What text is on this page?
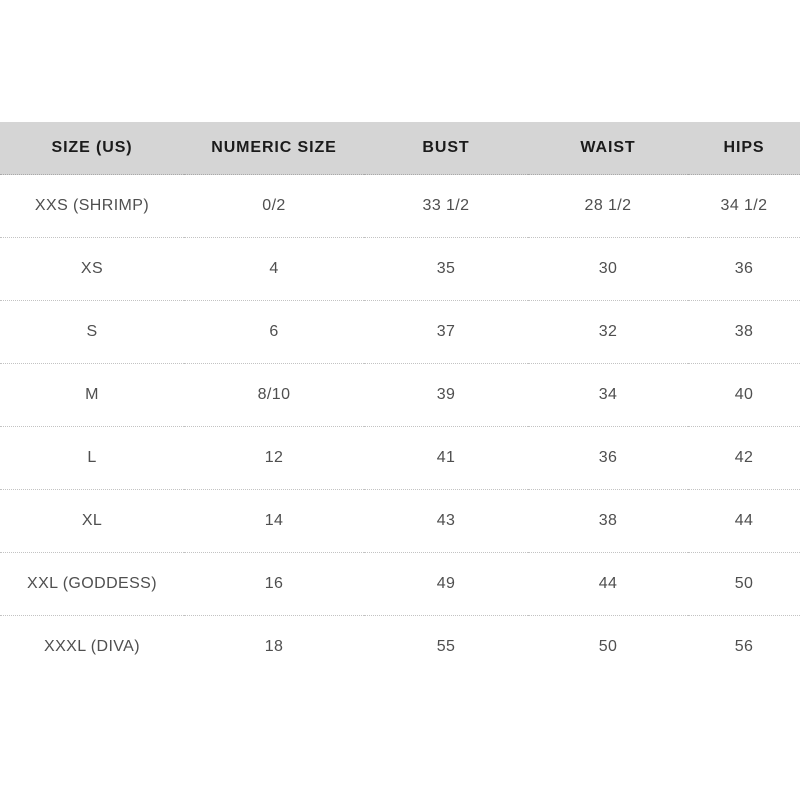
SIZE (US)	NUMERIC SIZE	BUST	WAIST	HIPS
XXS (SHRIMP)	0/2	33 1/2	28 1/2	34 1/2
XS	4	35	30	36
S	6	37	32	38
M	8/10	39	34	40
L	12	41	36	42
XL	14	43	38	44
XXL (GODDESS)	16	49	44	50
XXXL (DIVA)	18	55	50	56
